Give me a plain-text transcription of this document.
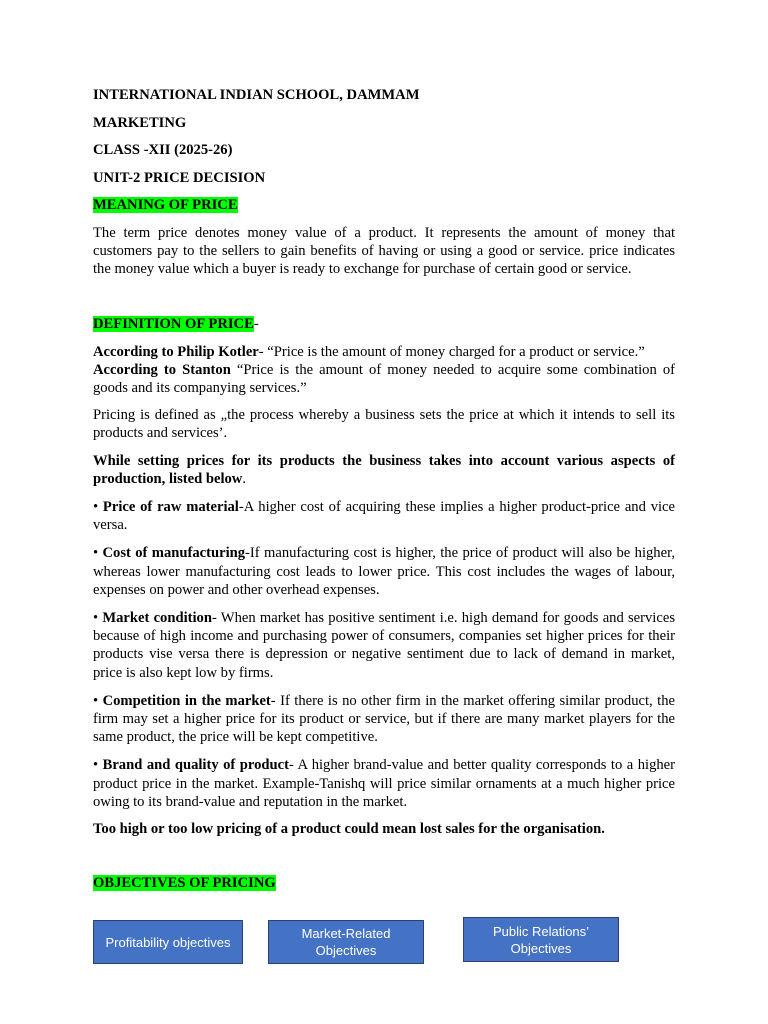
INTERNATIONAL INDIAN SCHOOL, DAMMAM
MARKETING
CLASS -XII (2025-26)
UNIT-2 PRICE DECISION
MEANING OF PRICE

The term price denotes money value of a product. It represents the amount of money that customers pay to the sellers to gain benefits of having or using a good or service. price indicates the money value which a buyer is ready to exchange for purchase of certain good or service.

DEFINITION OF PRICE-

According to Philip Kotler- “Price is the amount of money charged for a product or service.”

According to Stanton “Price is the amount of money needed to acquire some combination of goods and its companying services.”

Pricing is defined as „the process whereby a business sets the price at which it intends to sell its products and services’.

While setting prices for its products the business takes into account various aspects of production, listed below.

• Price of raw material-A higher cost of acquiring these implies a higher product-price and vice versa.

• Cost of manufacturing-If manufacturing cost is higher, the price of product will also be higher, whereas lower manufacturing cost leads to lower price. This cost includes the wages of labour, expenses on power and other overhead expenses.

• Market condition- When market has positive sentiment i.e. high demand for goods and services because of high income and purchasing power of consumers, companies set higher prices for their products vise versa there is depression or negative sentiment due to lack of demand in market, price is also kept low by firms.

• Competition in the market- If there is no other firm in the market offering similar product, the firm may set a higher price for its product or service, but if there are many market players for the same product, the price will be kept competitive.

• Brand and quality of product- A higher brand-value and better quality corresponds to a higher product price in the market. Example-Tanishq will price similar ornaments at a much higher price owing to its brand-value and reputation in the market.

Too high or too low pricing of a product could mean lost sales for the organisation.

OBJECTIVES OF PRICING
Profitability objectives
Market-Related Objectives
Public Relations’ Objectives
